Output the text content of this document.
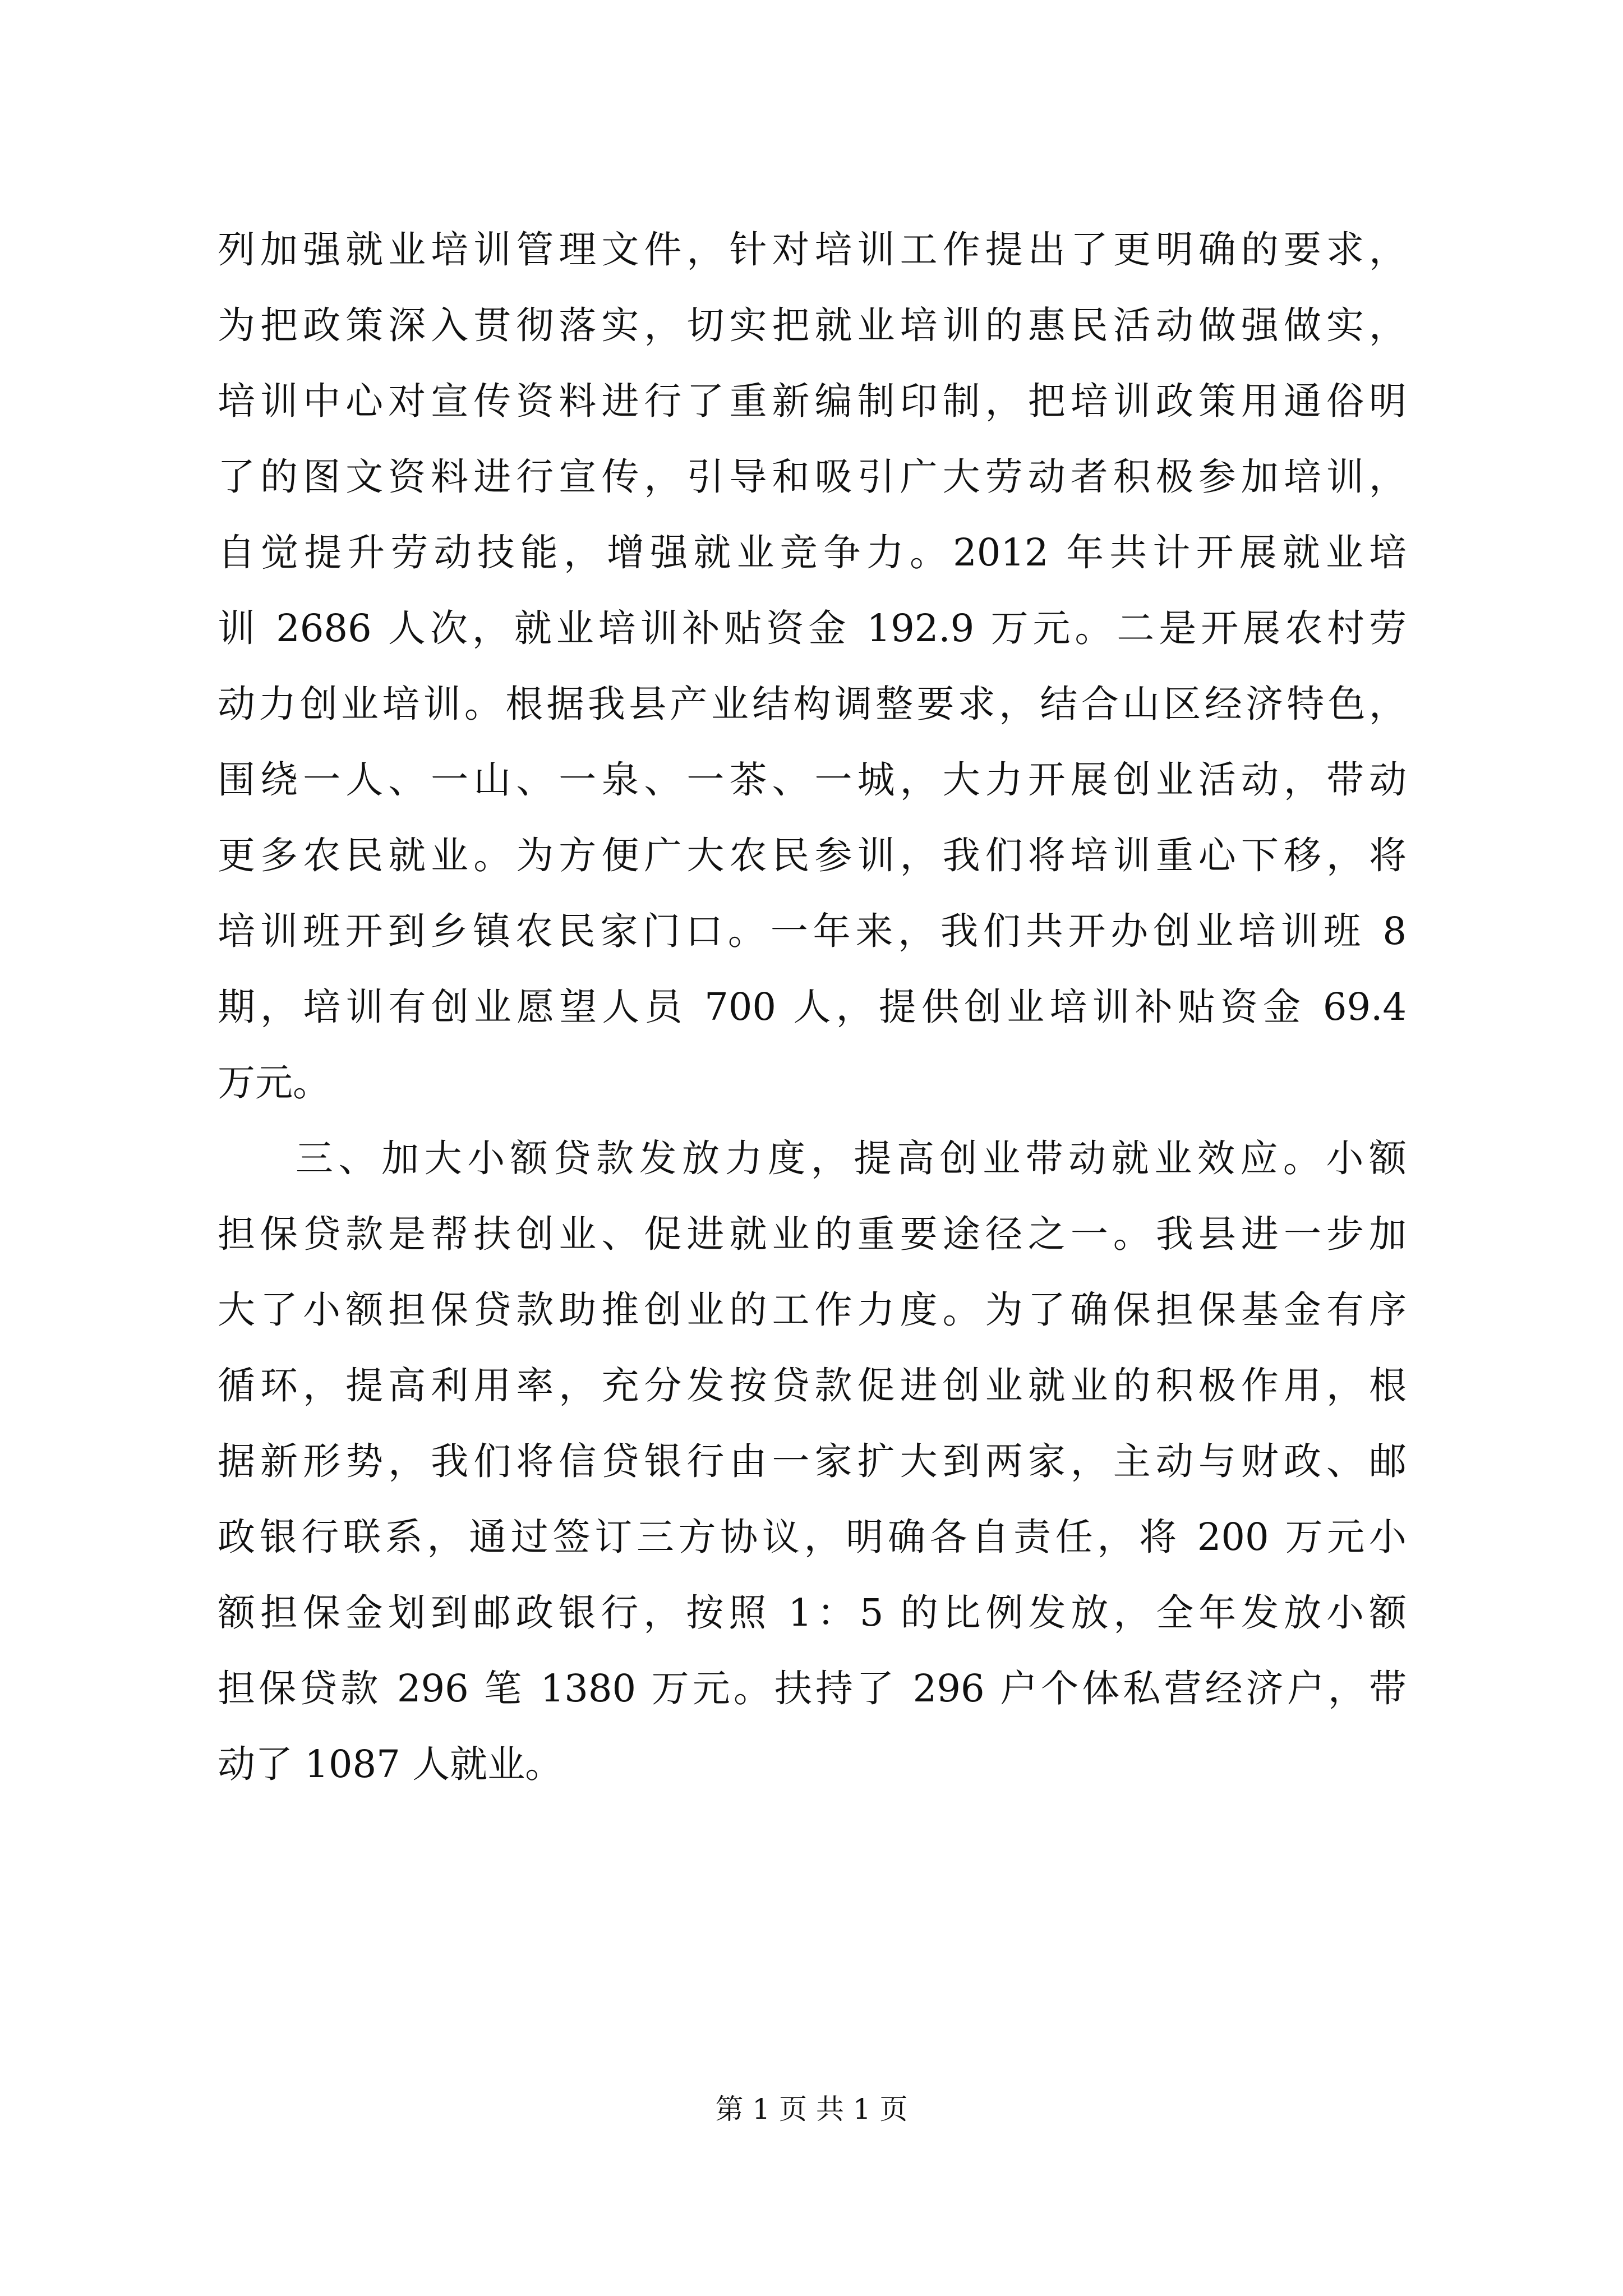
列加强就业培训管理文件，针对培训工作提出了更明确的要求，
为把政策深入贯彻落实，切实把就业培训的惠民活动做强做实，
培训中心对宣传资料进行了重新编制印制，把培训政策用通俗明
了的图文资料进行宣传，引导和吸引广大劳动者积极参加培训，
自觉提升劳动技能，增强就业竞争力。2012 年共计开展就业培
训 2686 人次，就业培训补贴资金 192.9 万元。二是开展农村劳
动力创业培训。根据我县产业结构调整要求，结合山区经济特色，
围绕一人、一山、一泉、一茶、一城，大力开展创业活动，带动
更多农民就业。为方便广大农民参训，我们将培训重心下移，将
培训班开到乡镇农民家门口。一年来，我们共开办创业培训班 8
期，培训有创业愿望人员 700 人，提供创业培训补贴资金 69.4
万元。
三、加大小额贷款发放力度，提高创业带动就业效应。小额
担保贷款是帮扶创业、促进就业的重要途径之一。我县进一步加
大了小额担保贷款助推创业的工作力度。为了确保担保基金有序
循环，提高利用率，充分发按贷款促进创业就业的积极作用，根
据新形势，我们将信贷银行由一家扩大到两家，主动与财政、邮
政银行联系，通过签订三方协议，明确各自责任，将 200 万元小
额担保金划到邮政银行，按照 1：5 的比例发放，全年发放小额
担保贷款 296 笔 1380 万元。扶持了 296 户个体私营经济户，带
动了 1087 人就业。
第 1 页 共 1 页
